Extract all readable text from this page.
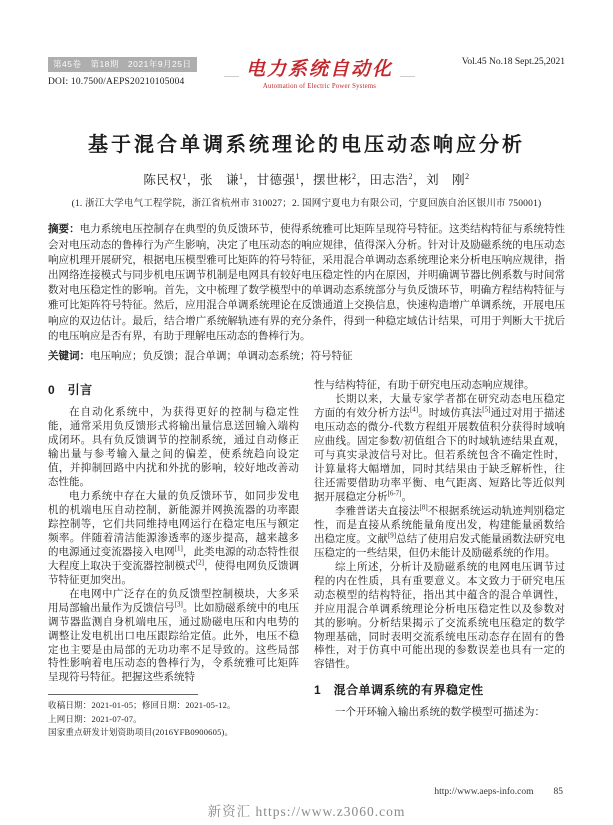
第45卷　第18期　2021年9月25日
DOI: 10.7500/AEPS20210105004
电力系统自动化
Automation of Electric Power Systems
Vol.45 No.18 Sept.25,2021
基于混合单调系统理论的电压动态响应分析
陈民权$^1$，张　谦$^1$，甘德强$^1$，摆世彬$^2$，田志浩$^2$，刘　刚$^2$
(1. 浙江大学电气工程学院，浙江省杭州市 310027；2. 国网宁夏电力有限公司，宁夏回族自治区银川市 750001)
摘要：电力系统电压控制存在典型的负反馈环节，使得系统雅可比矩阵呈现符号特征。这类结构特征与系统特性会对电压动态的鲁棒行为产生影响，决定了电压动态的响应规律，值得深入分析。针对计及励磁系统的电压动态响应机理开展研究，根据电压模型雅可比矩阵的符号特征，采用混合单调动态系统理论来分析电压响应规律，指出网络连接模式与同步机电压调节机制是电网具有较好电压稳定性的内在原因，并明确调节器比例系数与时间常数对电压稳定性的影响。首先，文中梳理了数学模型中的单调动态系统部分与负反馈环节，明确方程结构特征与雅可比矩阵符号特征。然后，应用混合单调系统理论在反馈通道上交换信息，快速构造增广单调系统，开展电压响应的双边估计。最后，结合增广系统解轨迹有界的充分条件，得到一种稳定域估计结果，可用于判断大干扰后的电压响应是否有界，有助于理解电压动态的鲁棒行为。
关键词：电压响应；负反馈；混合单调；单调动态系统；符号特征
0　引言

在自动化系统中，为获得更好的控制与稳定性能，通常采用负反馈形式将输出量信息送回输入端构成闭环。具有负反馈调节的控制系统，通过自动修正输出量与参考输入量之间的偏差，使系统趋向设定值，并抑制回路中内扰和外扰的影响，较好地改善动态性能。

电力系统中存在大量的负反馈环节，如同步发电机的机端电压自动控制，新能源并网换流器的功率跟踪控制等，它们共同维持电网运行在稳定电压与额定频率。伴随着清洁能源渗透率的逐步提高，越来越多的电源通过变流器接入电网[1]，此类电源的动态特性很大程度上取决于变流器控制模式[2]，使得电网负反馈调节特征更加突出。

在电网中广泛存在的负反馈型控制模块，大多采用局部输出量作为反馈信号[3]。比如励磁系统中的电压调节器监测自身机端电压，通过励磁电压和内电势的调整让发电机出口电压跟踪给定值。此外，电压不稳定也主要是由局部的无功功率不足导致的。这些局部特性影响着电压动态的鲁棒行为，令系统雅可比矩阵呈现符号特征。把握这些系统特

收稿日期：2021-01-05；修回日期：2021-05-12。

上网日期：2021-07-07。

国家重点研发计划资助项目(2016YFB0900605)。

性与结构特征，有助于研究电压动态响应规律。

长期以来，大量专家学者都在研究动态电压稳定方面的有效分析方法[4]。时域仿真法[5]通过对用于描述电压动态的微分-代数方程组开展数值积分获得时域响应曲线。固定参数/初值组合下的时域轨迹结果直观，可与真实录波信号对比。但若系统包含不确定性时，计算量将大幅增加，同时其结果由于缺乏解析性，往往还需要借助功率平衡、电气距离、短路比等近似判据开展稳定分析[6-7]。

李雅普诺夫直接法[8]不根据系统运动轨迹判别稳定性，而是直接从系统能量角度出发，构建能量函数给出稳定度。文献[9]总结了使用启发式能量函数法研究电压稳定的一些结果，但仍未能计及励磁系统的作用。

综上所述，分析计及励磁系统的电网电压调节过程的内在性质，具有重要意义。本文致力于研究电压动态模型的结构特征，指出其中蕴含的混合单调性，并应用混合单调系统理论分析电压稳定性以及参数对其的影响。分析结果揭示了交流系统电压稳定的数学物理基础，同时表明交流系统电压动态存在固有的鲁棒性，对于仿真中可能出现的参数误差也具有一定的容错性。

1　混合单调系统的有界稳定性

一个开环输入输出系统的数学模型可描述为：

http://www.aeps-info.com 85
新资汇 https://www.z3060.com
